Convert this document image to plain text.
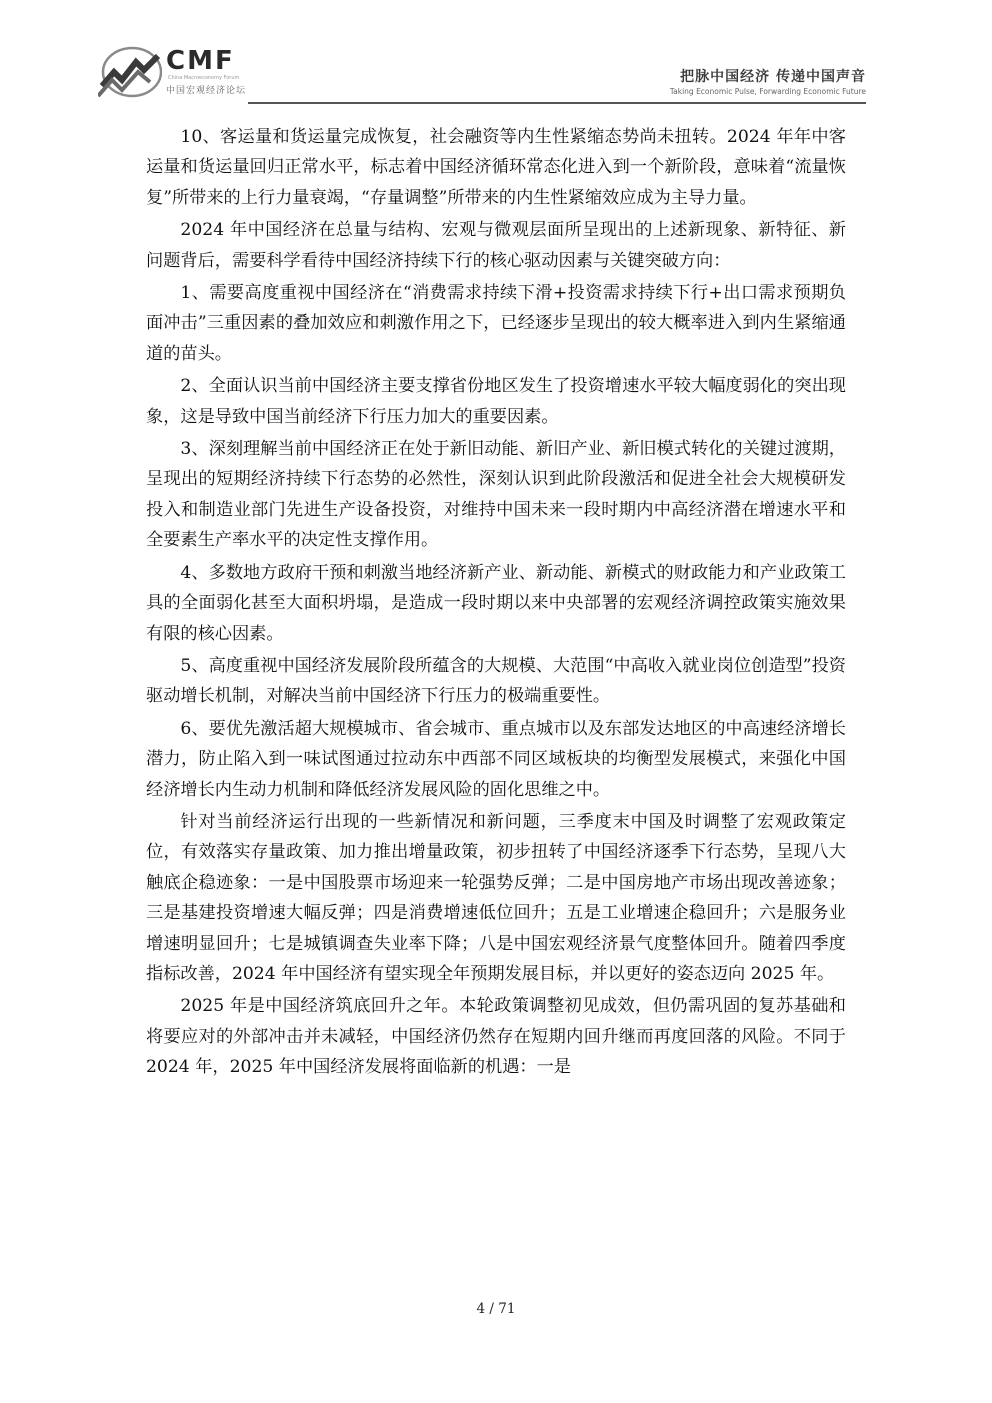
CMF
China Macroeconomy Forum
中国宏观经济论坛
把脉中国经济 传递中国声音
Taking Economic Pulse, Forwarding Economic Future

10、客运量和货运量完成恢复，社会融资等内生性紧缩态势尚未扭转。2024 年年中客运量和货运量回归正常水平，标志着中国经济循环常态化进入到一个新阶段，意味着“流量恢复”所带来的上行力量衰竭，“存量调整”所带来的内生性紧缩效应成为主导力量。

2024 年中国经济在总量与结构、宏观与微观层面所呈现出的上述新现象、新特征、新问题背后，需要科学看待中国经济持续下行的核心驱动因素与关键突破方向：

1、需要高度重视中国经济在“消费需求持续下滑+投资需求持续下行+出口需求预期负面冲击”三重因素的叠加效应和刺激作用之下，已经逐步呈现出的较大概率进入到内生紧缩通道的苗头。

2、全面认识当前中国经济主要支撑省份地区发生了投资增速水平较大幅度弱化的突出现象，这是导致中国当前经济下行压力加大的重要因素。

3、深刻理解当前中国经济正在处于新旧动能、新旧产业、新旧模式转化的关键过渡期，呈现出的短期经济持续下行态势的必然性，深刻认识到此阶段激活和促进全社会大规模研发投入和制造业部门先进生产设备投资，对维持中国未来一段时期内中高经济潜在增速水平和全要素生产率水平的决定性支撑作用。

4、多数地方政府干预和刺激当地经济新产业、新动能、新模式的财政能力和产业政策工具的全面弱化甚至大面积坍塌，是造成一段时期以来中央部署的宏观经济调控政策实施效果有限的核心因素。

5、高度重视中国经济发展阶段所蕴含的大规模、大范围“中高收入就业岗位创造型”投资驱动增长机制，对解决当前中国经济下行压力的极端重要性。

6、要优先激活超大规模城市、省会城市、重点城市以及东部发达地区的中高速经济增长潜力，防止陷入到一味试图通过拉动东中西部不同区域板块的均衡型发展模式，来强化中国经济增长内生动力机制和降低经济发展风险的固化思维之中。

针对当前经济运行出现的一些新情况和新问题，三季度末中国及时调整了宏观政策定位，有效落实存量政策、加力推出增量政策，初步扭转了中国经济逐季下行态势，呈现八大触底企稳迹象：一是中国股票市场迎来一轮强势反弹；二是中国房地产市场出现改善迹象；三是基建投资增速大幅反弹；四是消费增速低位回升；五是工业增速企稳回升；六是服务业增速明显回升；七是城镇调查失业率下降；八是中国宏观经济景气度整体回升。随着四季度指标改善，2024 年中国经济有望实现全年预期发展目标，并以更好的姿态迈向 2025 年。

2025 年是中国经济筑底回升之年。本轮政策调整初见成效，但仍需巩固的复苏基础和将要应对的外部冲击并未减轻，中国经济仍然存在短期内回升继而再度回落的风险。不同于 2024 年，2025 年中国经济发展将面临新的机遇：一是

4 / 71
